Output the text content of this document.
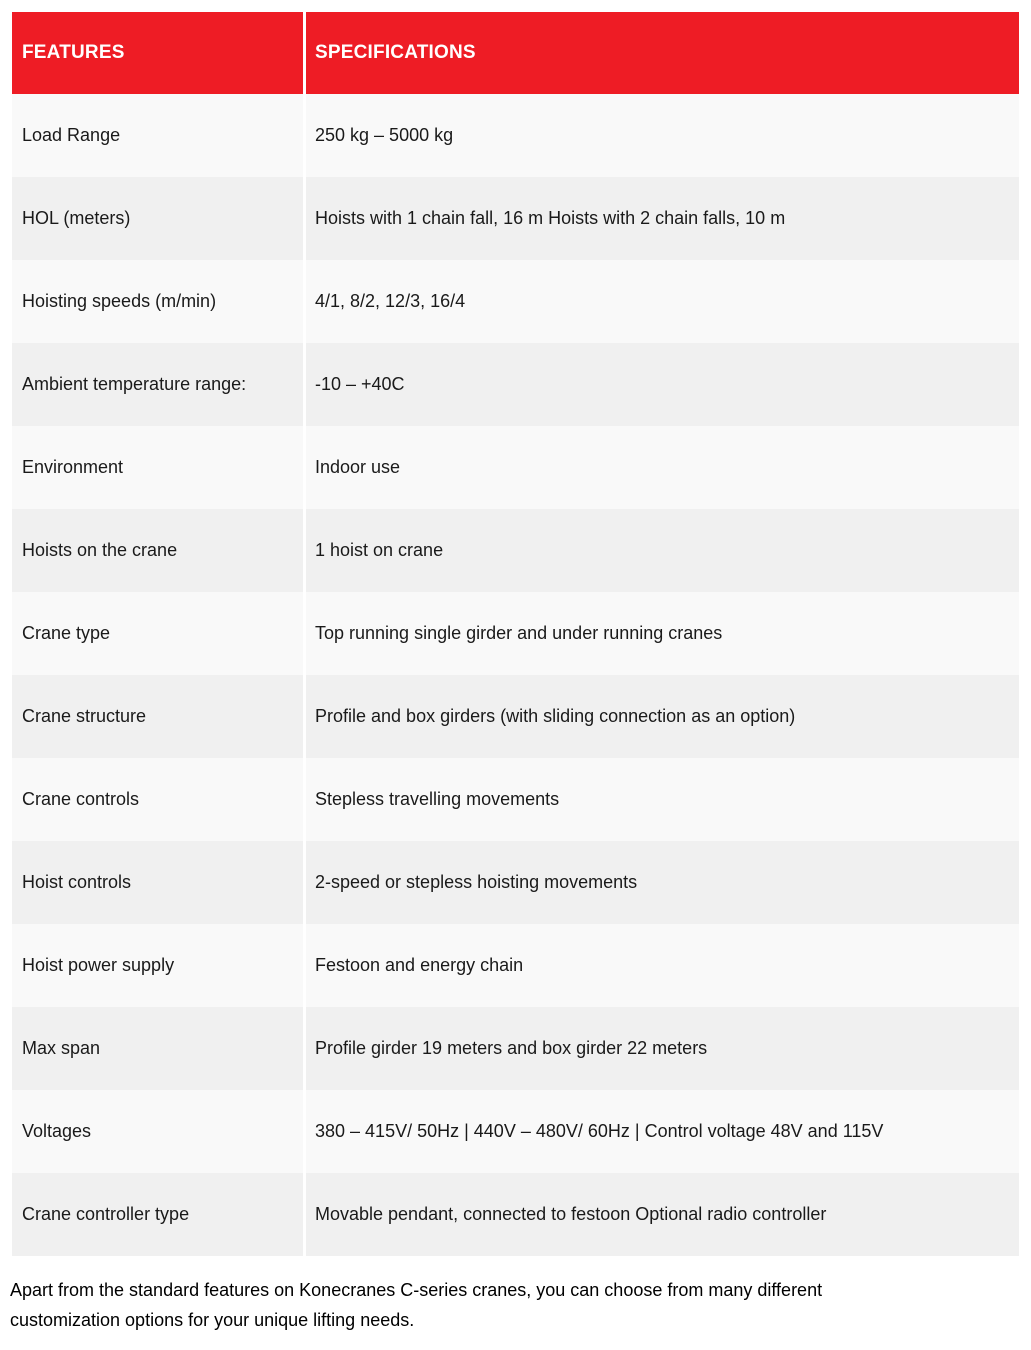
FEATURES	SPECIFICATIONS
Load Range	250 kg – 5000 kg
HOL (meters)	Hoists with 1 chain fall, 16 m Hoists with 2 chain falls, 10 m
Hoisting speeds (m/min)	4/1, 8/2, 12/3, 16/4
Ambient temperature range:	-10 – +40C
Environment	Indoor use
Hoists on the crane	1 hoist on crane
Crane type	Top running single girder and under running cranes
Crane structure	Profile and box girders (with sliding connection as an option)
Crane controls	Stepless travelling movements
Hoist controls	2-speed or stepless hoisting movements
Hoist power supply	Festoon and energy chain
Max span	Profile girder 19 meters and box girder 22 meters
Voltages	380 – 415V/ 50Hz | 440V – 480V/ 60Hz | Control voltage 48V and 115V
Crane controller type	Movable pendant, connected to festoon Optional radio controller

Apart from the standard features on Konecranes C-series cranes, you can choose from many different customization options for your unique lifting needs.
